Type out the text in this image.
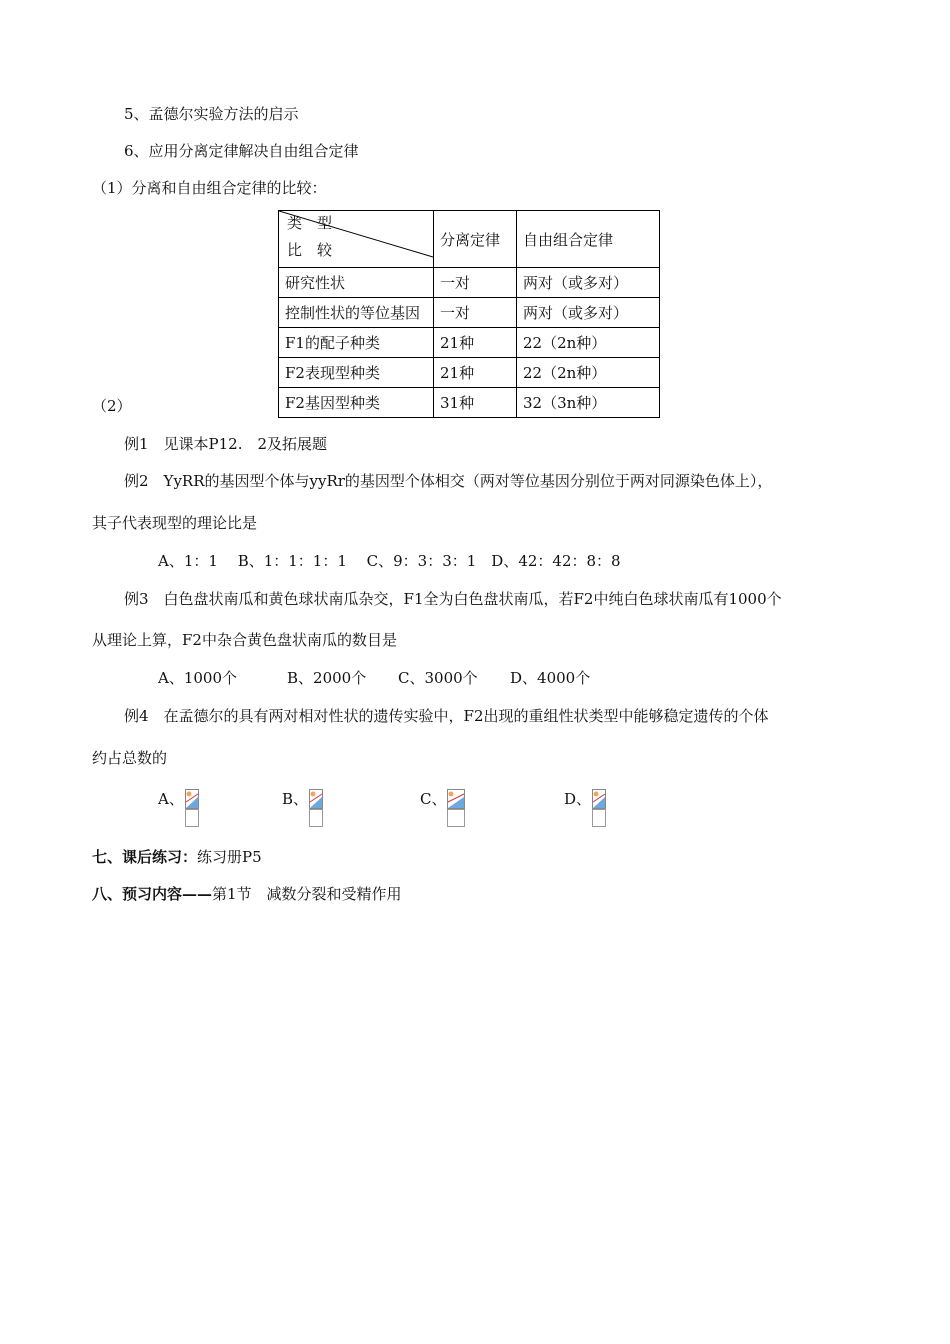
5、孟德尔实验方法的启示
6、应用分离定律解决自由组合定律
（1）分离和自由组合定律的比较：
类　型
比　较	分离定律	自由组合定律
研究性状	一对	两对（或多对）
控制性状的等位基因	一对	两对（或多对）
F1的配子种类	21种	22（2n种）
F2表现型种类	21种	22（2n种）
F2基因型种类	31种	32（3n种）
（2）
例1　见课本P12.　2及拓展题
例2　YyRR的基因型个体与yyRr的基因型个体相交（两对等位基因分别位于两对同源染色体上），
其子代表现型的理论比是
A、1：1　 B、1：1：1：1　 C、9：3：3：1　D、42：42：8：8
例3　白色盘状南瓜和黄色球状南瓜杂交，F1全为白色盘状南瓜，若F2中纯白色球状南瓜有1000个
从理论上算，F2中杂合黄色盘状南瓜的数目是
A、1000个	B、2000个 C、3000个 D、4000个
例4　在孟德尔的具有两对相对性状的遗传实验中，F2出现的重组性状类型中能够稳定遗传的个体
约占总数的
A、	B、	C、	D、
七、课后练习：练习册P5
八、预习内容——第1节　减数分裂和受精作用
